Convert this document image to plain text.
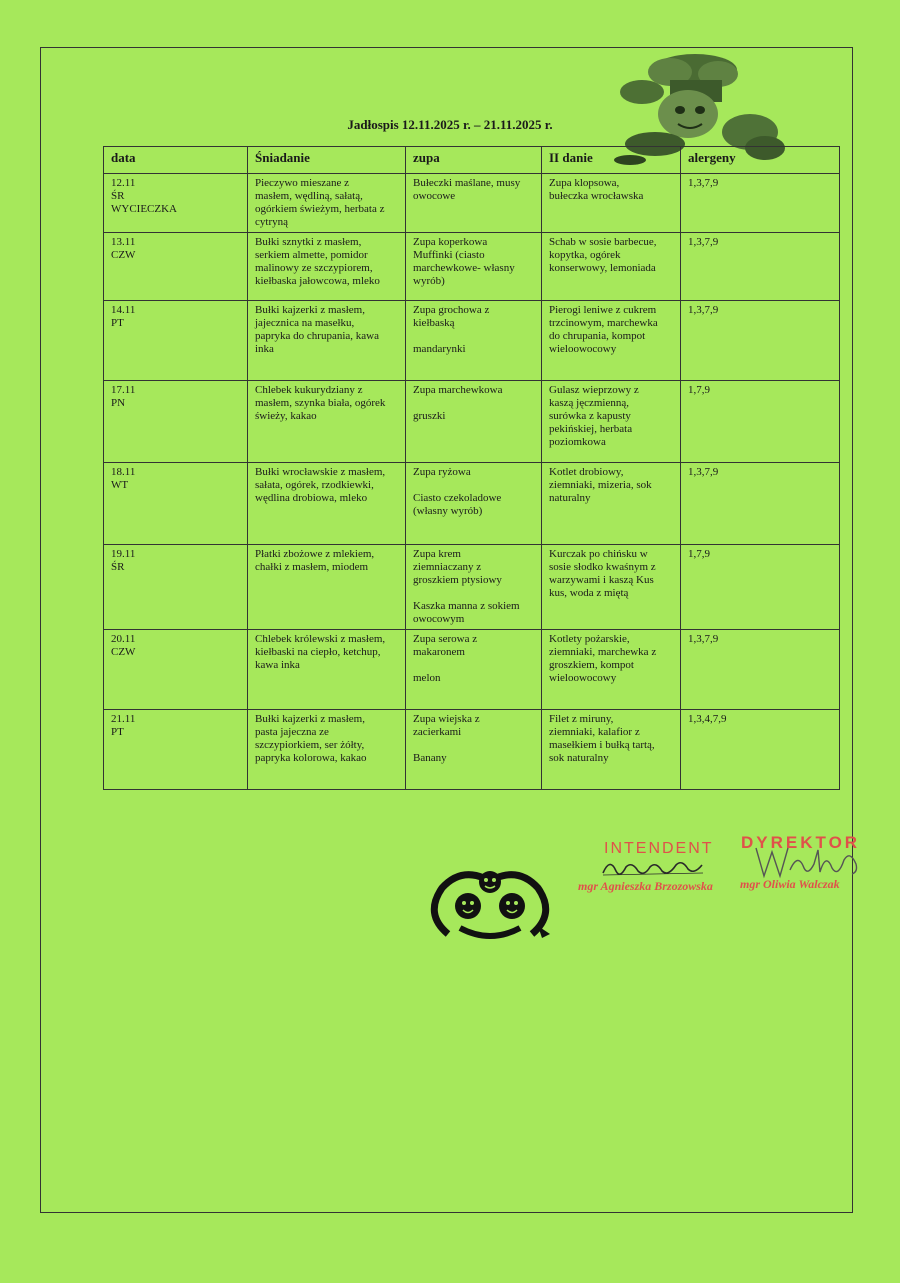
Jadłospis 12.11.2025 r. – 21.11.2025 r.
data	Śniadanie	zupa	II danie	alergeny

12.11
ŚR
WYCIECZKA	Pieczywo mieszane z
masłem, wędliną, sałatą,
ogórkiem świeżym, herbata z
cytryną	Bułeczki maślane, musy
owocowe	Zupa klopsowa,
bułeczka wrocławska	1,3,7,9

13.11
CZW	Bułki sznytki z masłem,
serkiem almette, pomidor
malinowy ze szczypiorem,
kiełbaska jałowcowa, mleko	Zupa koperkowa
Muffinki (ciasto
marchewkowe- własny
wyrób)	Schab w sosie barbecue,
kopytka, ogórek
konserwowy, lemoniada	1,3,7,9

14.11
PT	Bułki kajzerki z masłem,
jajecznica na masełku,
papryka do chrupania, kawa
inka	Zupa grochowa z
kiełbaską
mandarynki	Pierogi leniwe z cukrem
trzcinowym, marchewka
do chrupania, kompot
wieloowocowy	1,3,7,9

17.11
PN	Chlebek kukurydziany z
masłem, szynka biała, ogórek
świeży, kakao	Zupa marchewkowa
gruszki	Gulasz wieprzowy z
kaszą jęczmienną,
surówka z kapusty
pekińskiej, herbata
poziomkowa	1,7,9

18.11
WT	Bułki wrocławskie z masłem,
sałata, ogórek, rzodkiewki,
wędlina drobiowa, mleko	Zupa ryżowa
Ciasto czekoladowe
(własny wyrób)	Kotlet drobiowy,
ziemniaki, mizeria, sok
naturalny	1,3,7,9

19.11
ŚR	Płatki zbożowe z mlekiem,
chałki z masłem, miodem	Zupa krem
ziemniaczany z
groszkiem ptysiowy
Kaszka manna z sokiem
owocowym	Kurczak po chińsku w
sosie słodko kwaśnym z
warzywami i kaszą Kus
kus, woda z miętą	1,7,9

20.11
CZW	Chlebek królewski z masłem,
kiełbaski na ciepło, ketchup,
kawa inka	Zupa serowa z
makaronem
melon	Kotlety pożarskie,
ziemniaki, marchewka z
groszkiem, kompot
wieloowocowy	1,3,7,9

21.11
PT	Bułki kajzerki z masłem,
pasta jajeczna ze
szczypiorkiem, ser żółty,
papryka kolorowa, kakao	Zupa wiejska z
zacierkami
Banany	Filet z miruny,
ziemniaki, kalafior z
masełkiem i bułką tartą,
sok naturalny	1,3,4,7,9
INTENDENT
mgr Agnieszka Brzozowska
DYREKTOR
mgr Oliwia Walczak
